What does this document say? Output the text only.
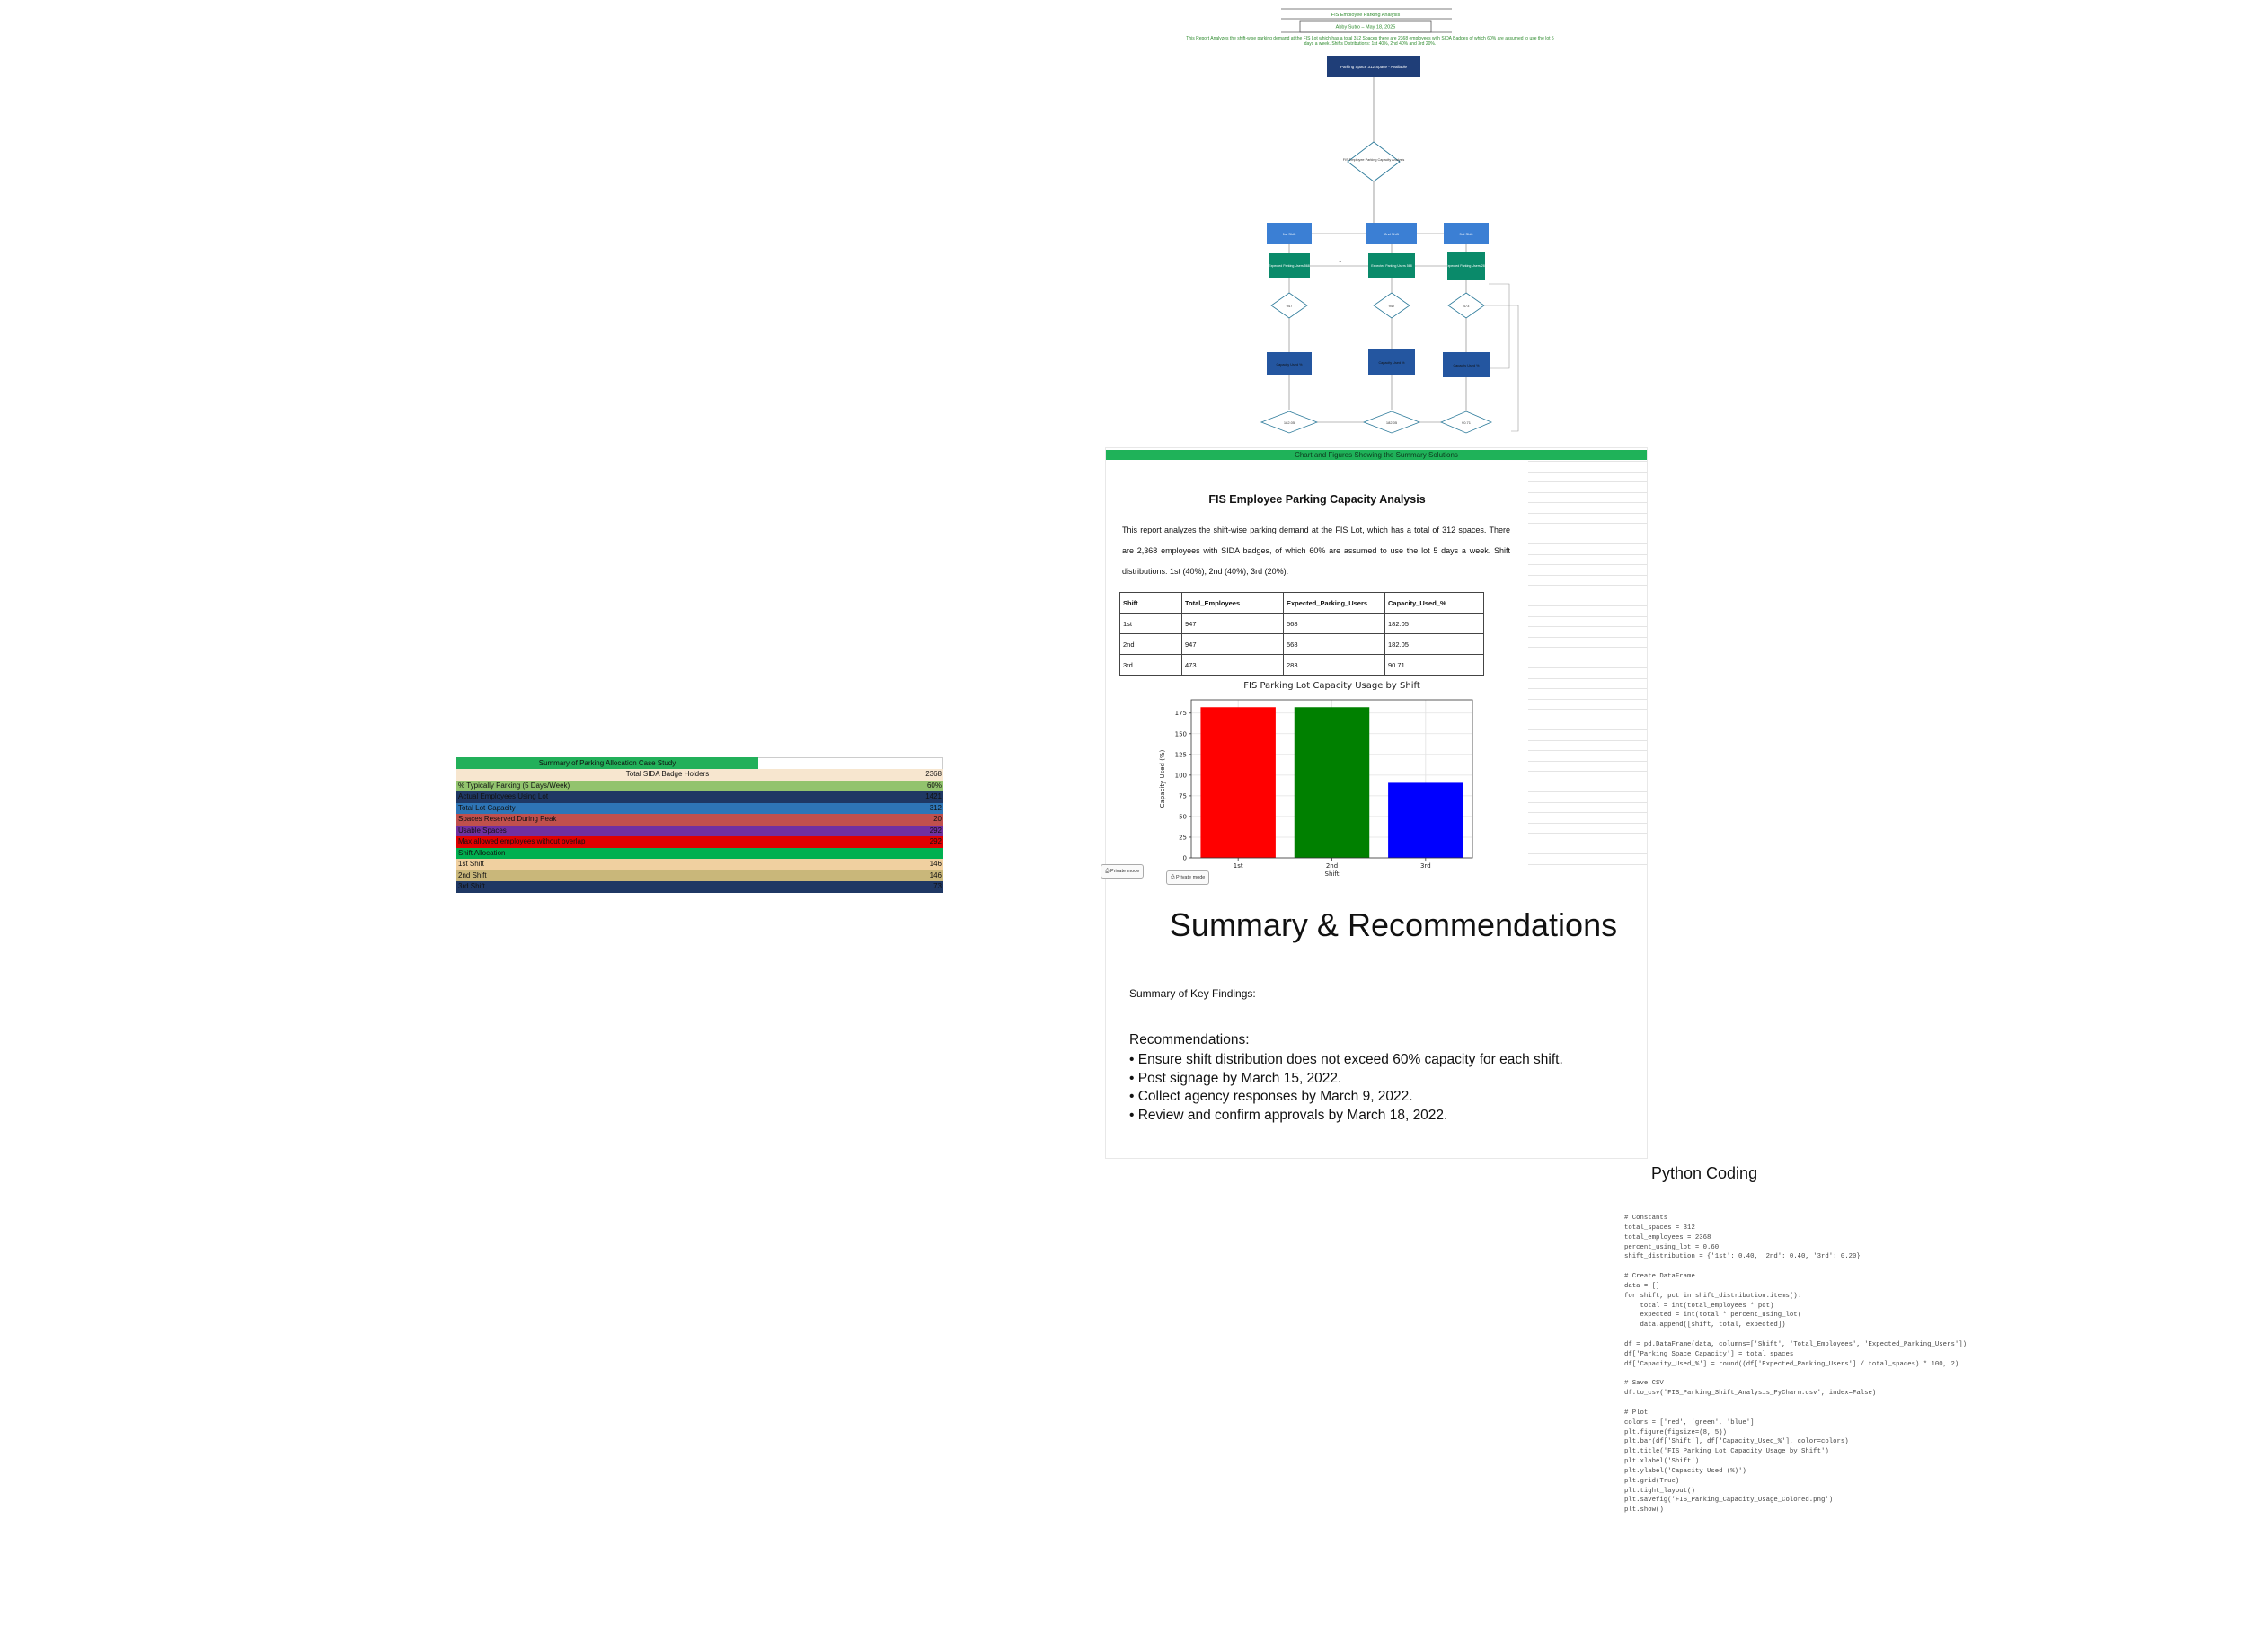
FIS Employee Parking Analysis
Abby Sutro – May 18, 2025
This Report Analyzes the shift-wise parking demand at the FIS Lot which has a total 312 Spaces there are 2368 employees with SIDA Badges of which 60% are assumed to use the lot 5 days a week. Shifts Distributions: 1st 40%, 2nd 40% and 3rd 20%.
Parking Space 312 Space - Available
FIS Employee Parking Capacity Analysis
1st Shift	2nd Shift	3rd Shift
Expected Parking Users 568	Expected Parking Users 568	Expected Parking Users 283
or
947	947	473
Capacity Used %	Capacity Used %
Capacity Used %
182.05	182.05	90.71
Summary of Parking Allocation Case Study
Total SIDA Badge Holders	2368
% Typically Parking (5 Days/Week)	60%
Actual Employees Using Lot	1421
Total Lot Capacity	312
Spaces Reserved During Peak	20
Usable Spaces	292
Max allowed employees without overlap	292
Shift Allocation
1st Shift	146
2nd Shift	146
3rd Shift	73
Chart and Figures Showing the Summary Solutions
FIS Employee Parking Capacity Analysis
This report analyzes the shift-wise parking demand at the FIS Lot, which has a total of 312 spaces. There are 2,368 employees with SIDA badges, of which 60% are assumed to use the lot 5 days a week. Shift distributions: 1st (40%), 2nd (40%), 3rd (20%).
Shift	Total_Employees	Expected_Parking_Users	Capacity_Used_%
1st	947	568	182.05
2nd	947	568	182.05
3rd	473	283	90.71
FIS Parking Lot Capacity Usage by Shift
0
25
50
75
100
125
150
175
1st	2nd	3rd
Shift
Capacity Used (%)
⎙ Private mode
⎙ Private mode
Summary & Recommendations
Summary of Key Findings:
Recommendations:
• Ensure shift distribution does not exceed 60% capacity for each shift.
• Post signage by March 15, 2022.
• Collect agency responses by March 9, 2022.
• Review and confirm approvals by March 18, 2022.
Python Coding
# Constants
total_spaces = 312
total_employees = 2368
percent_using_lot = 0.60
shift_distribution = {'1st': 0.40, '2nd': 0.40, '3rd': 0.20}

# Create DataFrame
data = []
for shift, pct in shift_distribution.items():
total = int(total_employees * pct)
expected = int(total * percent_using_lot)
data.append([shift, total, expected])

df = pd.DataFrame(data, columns=['Shift', 'Total_Employees', 'Expected_Parking_Users'])
df['Parking_Space_Capacity'] = total_spaces
df['Capacity_Used_%'] = round((df['Expected_Parking_Users'] / total_spaces) * 100, 2)

# Save CSV
df.to_csv('FIS_Parking_Shift_Analysis_PyCharm.csv', index=False)

# Plot
colors = ['red', 'green', 'blue']
plt.figure(figsize=(8, 5))
plt.bar(df['Shift'], df['Capacity_Used_%'], color=colors)
plt.title('FIS Parking Lot Capacity Usage by Shift')
plt.xlabel('Shift')
plt.ylabel('Capacity Used (%)')
plt.grid(True)
plt.tight_layout()
plt.savefig('FIS_Parking_Capacity_Usage_Colored.png')
plt.show()
